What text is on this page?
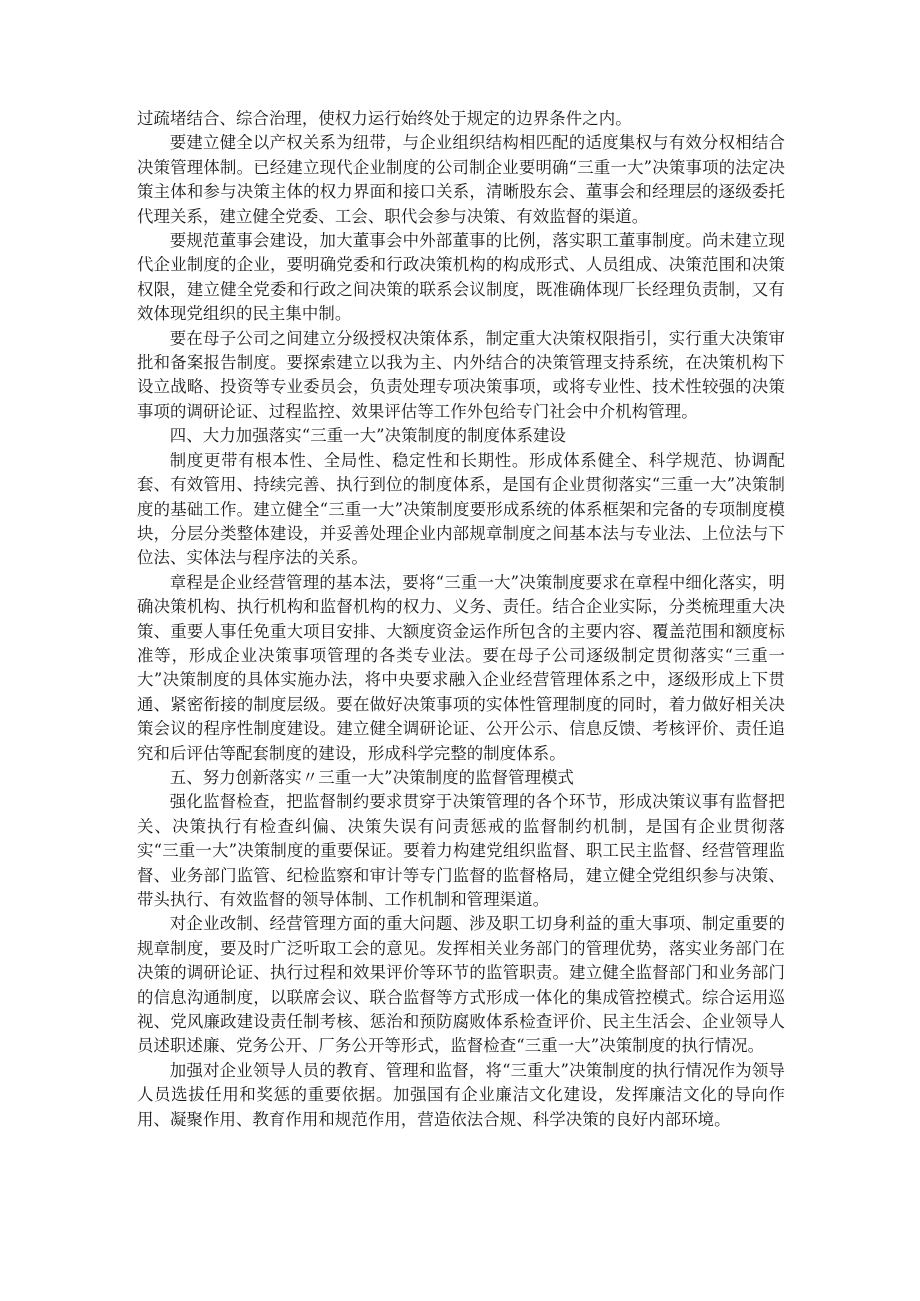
过疏堵结合、综合治理，使权力运行始终处于规定的边界条件之内。

要建立健全以产权关系为纽带，与企业组织结构相匹配的适度集权与有效分权相结合决策管理体制。已经建立现代企业制度的公司制企业要明确“三重一大”决策事项的法定决策主体和参与决策主体的权力界面和接口关系，清晰股东会、董事会和经理层的逐级委托代理关系，建立健全党委、工会、职代会参与决策、有效监督的渠道。

要规范董事会建设，加大董事会中外部董事的比例，落实职工董事制度。尚未建立现代企业制度的企业，要明确党委和行政决策机构的构成形式、人员组成、决策范围和决策权限，建立健全党委和行政之间决策的联系会议制度，既准确体现厂长经理负责制，又有效体现党组织的民主集中制。

要在母子公司之间建立分级授权决策体系，制定重大决策权限指引，实行重大决策审批和备案报告制度。要探索建立以我为主、内外结合的决策管理支持系统，在决策机构下设立战略、投资等专业委员会，负责处理专项决策事项，或将专业性、技术性较强的决策事项的调研论证、过程监控、效果评估等工作外包给专门社会中介机构管理。

四、大力加强落实“三重一大”决策制度的制度体系建设

制度更带有根本性、全局性、稳定性和长期性。形成体系健全、科学规范、协调配套、有效管用、持续完善、执行到位的制度体系，是国有企业贯彻落实“三重一大”决策制度的基础工作。建立健全“三重一大”决策制度要形成系统的体系框架和完备的专项制度模块，分层分类整体建设，并妥善处理企业内部规章制度之间基本法与专业法、上位法与下位法、实体法与程序法的关系。

章程是企业经营管理的基本法，要将“三重一大”决策制度要求在章程中细化落实，明确决策机构、执行机构和监督机构的权力、义务、责任。结合企业实际，分类梳理重大决策、重要人事任免重大项目安排、大额度资金运作所包含的主要内容、覆盖范围和额度标准等，形成企业决策事项管理的各类专业法。要在母子公司逐级制定贯彻落实“三重一大”决策制度的具体实施办法，将中央要求融入企业经营管理体系之中，逐级形成上下贯通、紧密衔接的制度层级。要在做好决策事项的实体性管理制度的同时，着力做好相关决策会议的程序性制度建设。建立健全调研论证、公开公示、信息反馈、考核评价、责任追究和后评估等配套制度的建设，形成科学完整的制度体系。

五、努力创新落实〃三重一大”决策制度的监督管理模式

强化监督检查，把监督制约要求贯穿于决策管理的各个环节，形成决策议事有监督把关、决策执行有检查纠偏、决策失误有问责惩戒的监督制约机制，是国有企业贯彻落实“三重一大”决策制度的重要保证。要着力构建党组织监督、职工民主监督、经营管理监督、业务部门监管、纪检监察和审计等专门监督的监督格局，建立健全党组织参与决策、带头执行、有效监督的领导体制、工作机制和管理渠道。

对企业改制、经营管理方面的重大问题、涉及职工切身利益的重大事项、制定重要的规章制度，要及时广泛听取工会的意见。发挥相关业务部门的管理优势，落实业务部门在决策的调研论证、执行过程和效果评价等环节的监管职责。建立健全监督部门和业务部门的信息沟通制度，以联席会议、联合监督等方式形成一体化的集成管控模式。综合运用巡视、党风廉政建设责任制考核、惩治和预防腐败体系检查评价、民主生活会、企业领导人员述职述廉、党务公开、厂务公开等形式，监督检查“三重一大”决策制度的执行情况。

加强对企业领导人员的教育、管理和监督，将“三重大”决策制度的执行情况作为领导人员选拔任用和奖惩的重要依据。加强国有企业廉洁文化建设，发挥廉洁文化的导向作用、凝聚作用、教育作用和规范作用，营造依法合规、科学决策的良好内部环境。
